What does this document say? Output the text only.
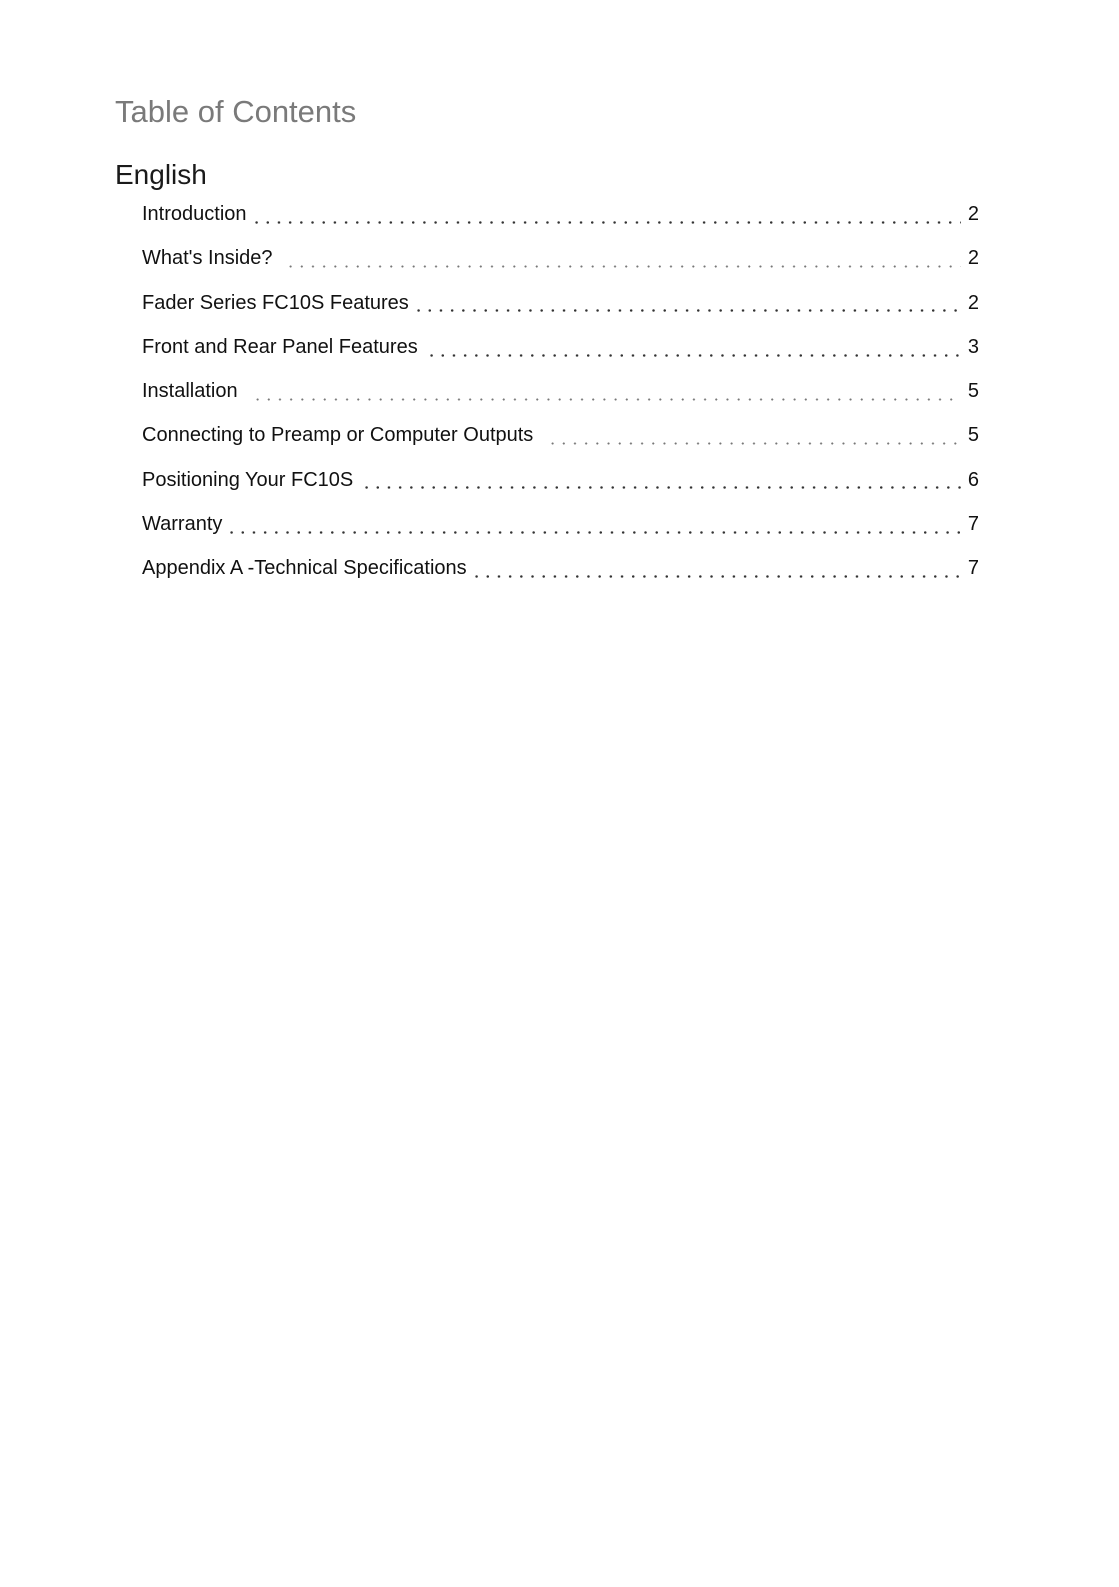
Table of Contents
English
Introduction	2
What's Inside?	2
Fader Series FC10S Features	2
Front and Rear Panel Features	3
Installation	5
Connecting to Preamp or Computer Outputs	5
Positioning Your FC10S	6
Warranty	7
Appendix A -Technical Specifications	7
